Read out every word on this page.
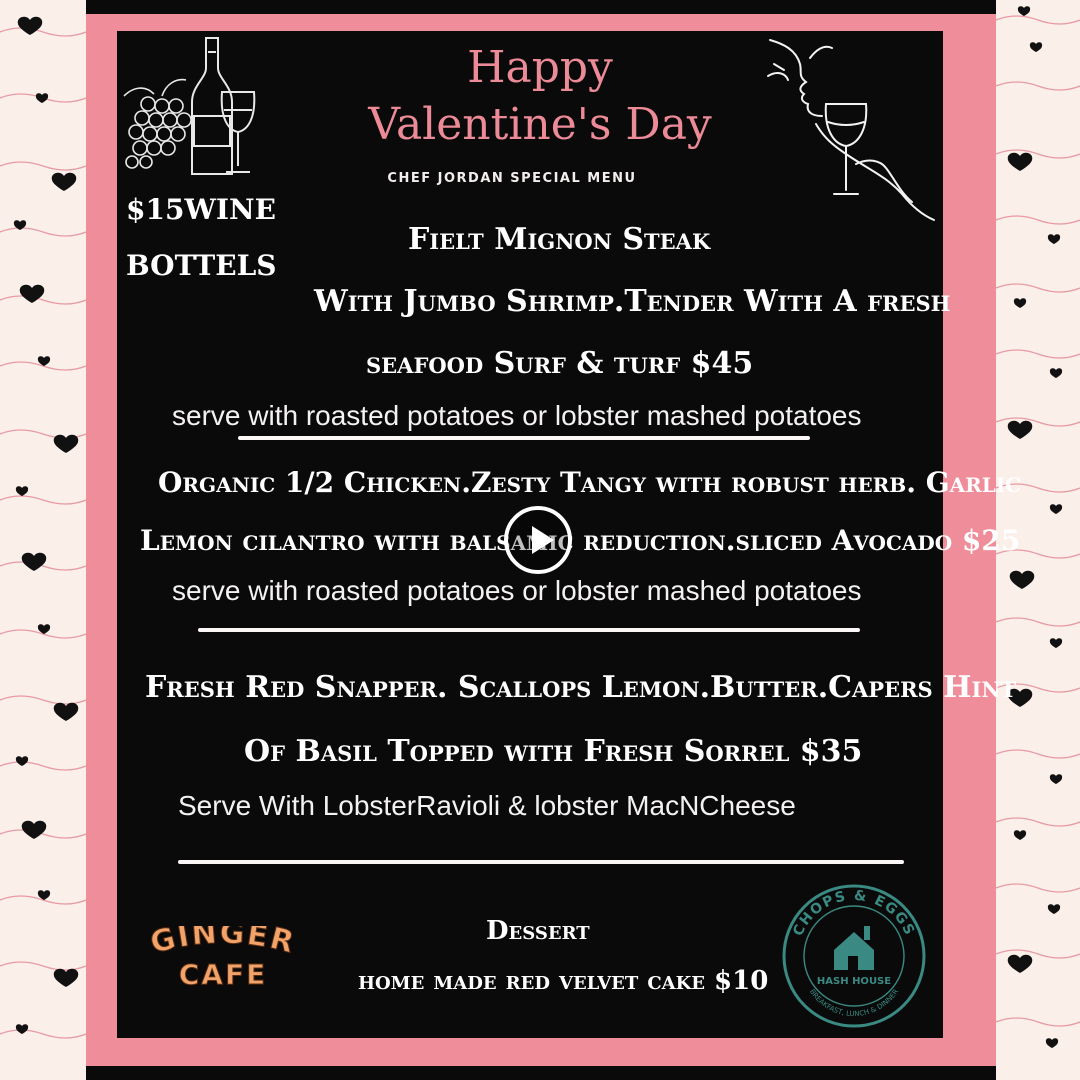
Happy
Valentine's Day
CHEF JORDAN SPECIAL MENU
$15WINE
BOTTELS
Fielt Mignon Steak
With Jumbo Shrimp.Tender With A fresh
seafood Surf & turf $45
serve with roasted potatoes or lobster mashed potatoes
Organic 1/2 Chicken.Zesty Tangy with robust herb. Garlic
Lemon cilantro with balsamic reduction.sliced Avocado $25
serve with roasted potatoes or lobster mashed potatoes
Fresh Red Snapper. Scallops Lemon.Butter.Capers Hint
Of Basil Topped with Fresh Sorrel $35
Serve With LobsterRavioli & lobster MacNCheese
Dessert
home made red velvet cake $10
GINGER
CAFE
CHOPS & EGGS
BREAKFAST, LUNCH & DINNER
HASH HOUSE
